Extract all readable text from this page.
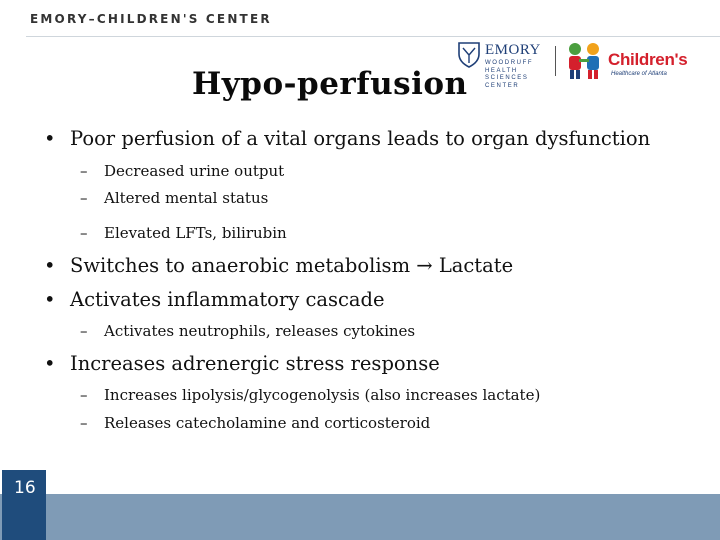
EMORY–CHILDREN'S CENTER
Hypo-perfusion
EMORY
WOODRUFF
HEALTH
SCIENCES
CENTER
Children's
Healthcare of Atlanta
• Poor perfusion of a vital organs leads to organ dysfunction
– Decreased urine output
– Altered mental status
– Elevated LFTs, bilirubin
• Switches to anaerobic metabolism → Lactate
• Activates inflammatory cascade
– Activates neutrophils, releases cytokines
• Increases adrenergic stress response
– Increases lipolysis/glycogenolysis (also increases lactate)
– Releases catecholamine and corticosteroid
16
